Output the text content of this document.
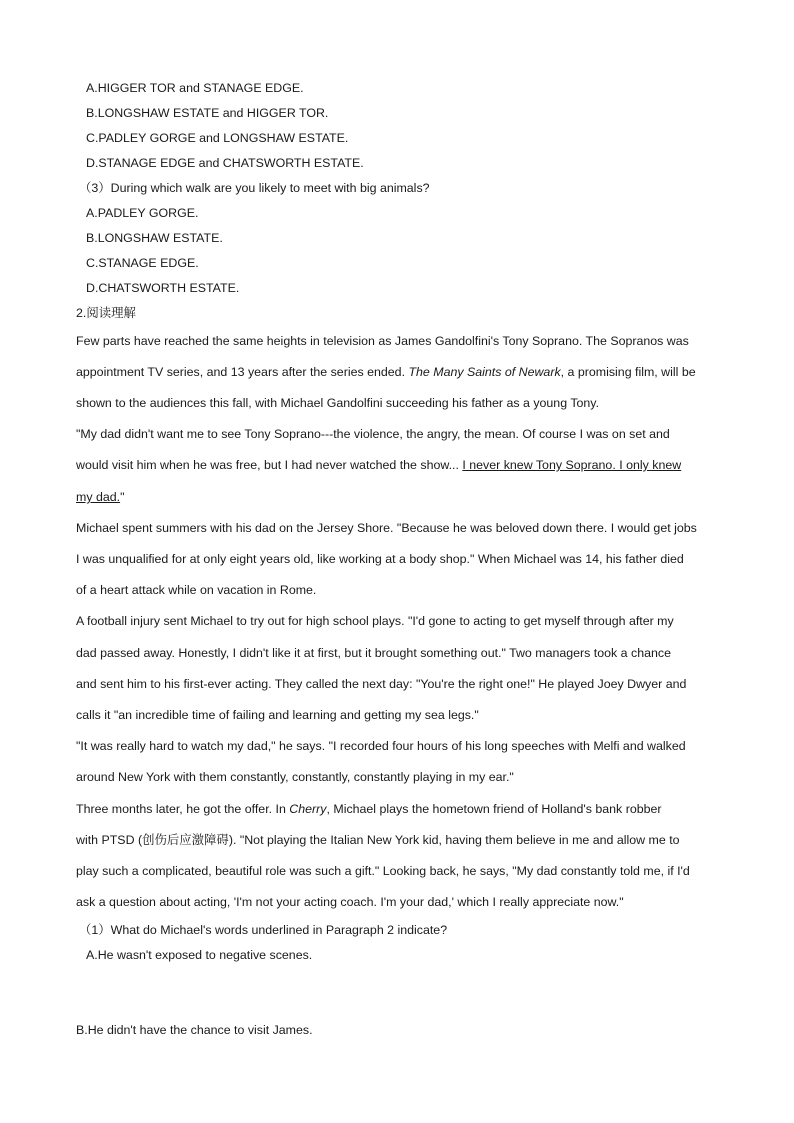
A.HIGGER TOR and STANAGE EDGE.
B.LONGSHAW ESTATE and HIGGER TOR.
C.PADLEY GORGE and LONGSHAW ESTATE.
D.STANAGE EDGE and CHATSWORTH ESTATE.
（3）During which walk are you likely to meet with big animals?
A.PADLEY GORGE.
B.LONGSHAW ESTATE.
C.STANAGE EDGE.
D.CHATSWORTH ESTATE.
2.阅读理解
Few parts have reached the same heights in television as James Gandolfini's Tony Soprano. The Sopranos was
appointment TV series, and 13 years after the series ended. The Many Saints of Newark, a promising film, will be
shown to the audiences this fall, with Michael Gandolfini succeeding his father as a young Tony.
"My dad didn't want me to see Tony Soprano---the violence, the angry, the mean. Of course I was on set and
would visit him when he was free, but I had never watched the show... I never knew Tony Soprano. I only knew
my dad."
Michael spent summers with his dad on the Jersey Shore. "Because he was beloved down there. I would get jobs
I was unqualified for at only eight years old, like working at a body shop." When Michael was 14, his father died
of a heart attack while on vacation in Rome.
A football injury sent Michael to try out for high school plays. "I'd gone to acting to get myself through after my
dad passed away. Honestly, I didn't like it at first, but it brought something out." Two managers took a chance
and sent him to his first-ever acting. They called the next day: "You're the right one!" He played Joey Dwyer and
calls it "an incredible time of failing and learning and getting my sea legs."
"It was really hard to watch my dad," he says. "I recorded four hours of his long speeches with Melfi and walked
around New York with them constantly, constantly, constantly playing in my ear."
Three months later, he got the offer. In Cherry, Michael plays the hometown friend of Holland's bank robber
with PTSD (创伤后应激障碍). "Not playing the Italian New York kid, having them believe in me and allow me to
play such a complicated, beautiful role was such a gift." Looking back, he says, "My dad constantly told me, if I'd
ask a question about acting, 'I'm not your acting coach. I'm your dad,' which I really appreciate now."
（1）What do Michael's words underlined in Paragraph 2 indicate?
A.He wasn't exposed to negative scenes.
B.He didn't have the chance to visit James.
